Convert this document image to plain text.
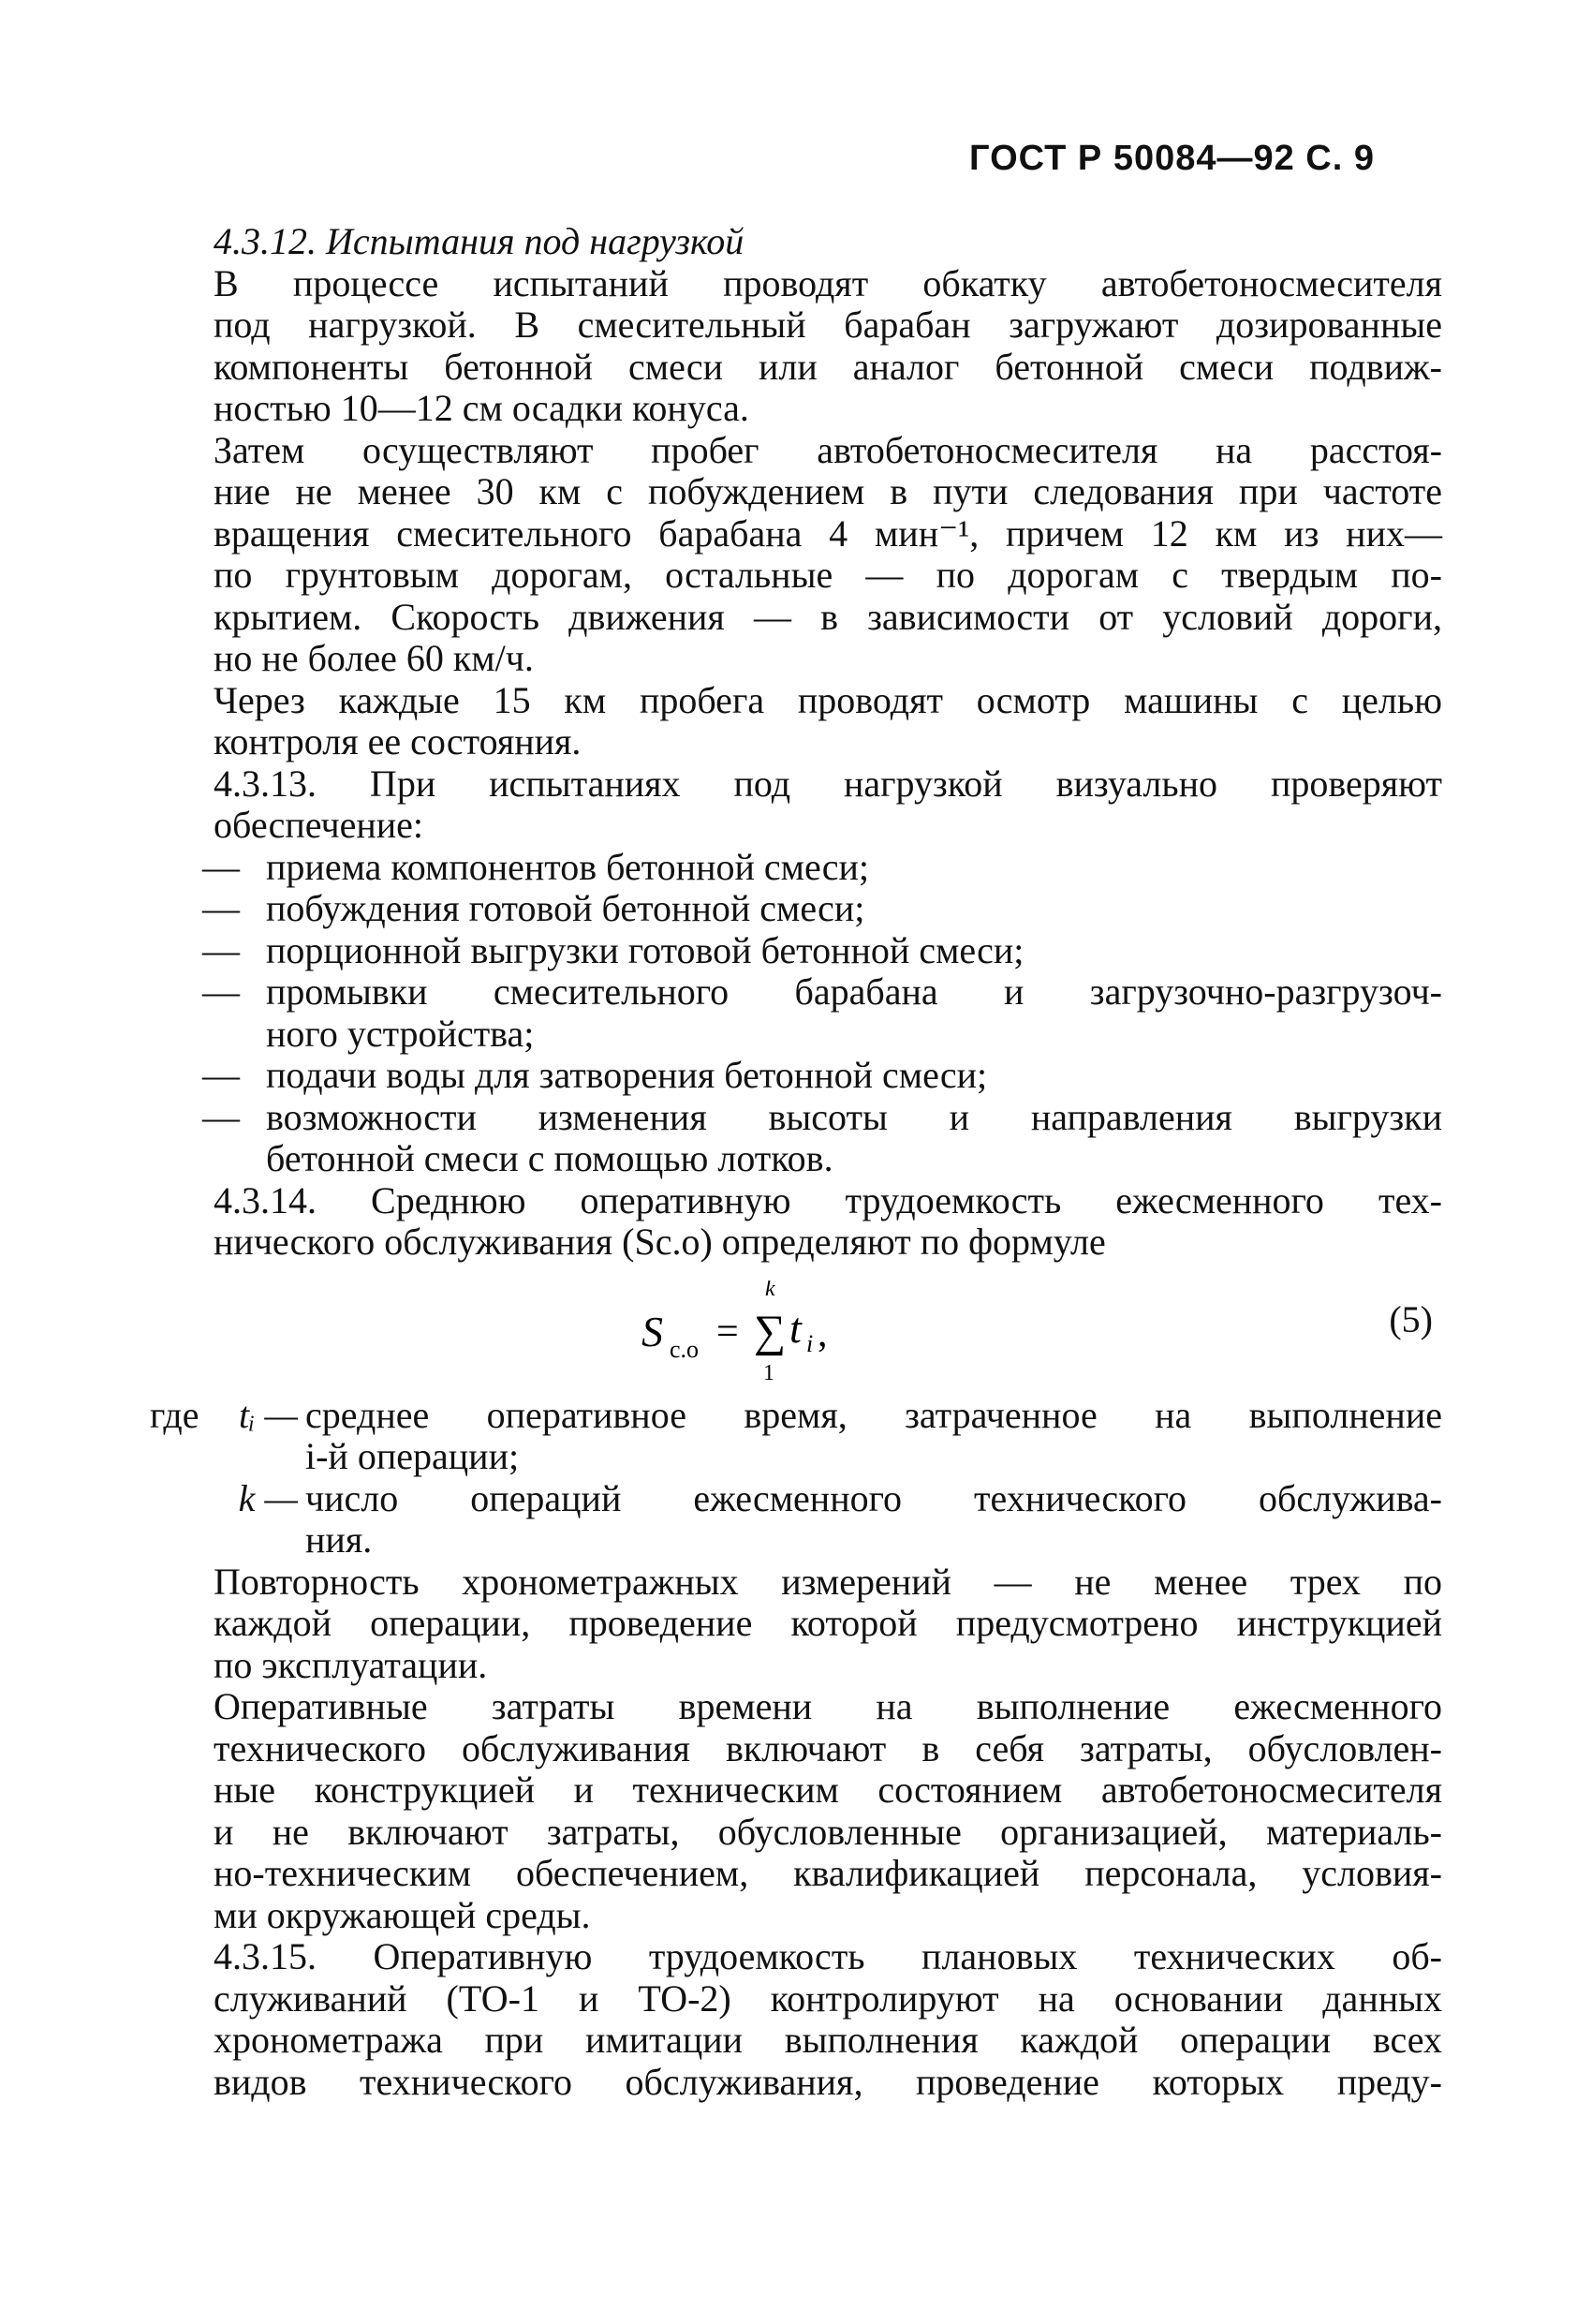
ГОСТ Р 50084—92 С. 9
4.3.12. Испытания под нагрузкой
В процессе испытаний проводят обкатку автобетоносмесителя
под нагрузкой. В смесительный барабан загружают дозированные
компоненты бетонной смеси или аналог бетонной смеси подвиж-
ностью 10—12 см осадки конуса.
Затем осуществляют пробег автобетоносмесителя на расстоя-
ние не менее 30 км с побуждением в пути следования при частоте
вращения смесительного барабана 4 мин⁻¹, причем 12 км из них—
по грунтовым дорогам, остальные — по дорогам с твердым по-
крытием. Скорость движения — в зависимости от условий дороги,
но не более 60 км/ч.
Через каждые 15 км пробега проводят осмотр машины с целью
контроля ее состояния.
4.3.13. При испытаниях под нагрузкой визуально проверяют
обеспечение:
— приема компонентов бетонной смеси;
— побуждения готовой бетонной смеси;
— порционной выгрузки готовой бетонной смеси;
— промывки смесительного барабана и загрузочно-разгрузоч-
ного устройства;
— подачи воды для затворения бетонной смеси;
— возможности изменения высоты и направления выгрузки
бетонной смеси с помощью лотков.
4.3.14. Среднюю оперативную трудоемкость ежесменного тех-
нического обслуживания (Sc.o) определяют по формуле
S c.o =
k
∑
1
t i ,	(5)
где	tᵢ — среднее оперативное время, затраченное на выполнение
i-й операции;
k — число операций ежесменного технического обслужива-
ния.
Повторность хронометражных измерений — не менее трех по
каждой операции, проведение которой предусмотрено инструкцией
по эксплуатации.
Оперативные затраты времени на выполнение ежесменного
технического обслуживания включают в себя затраты, обусловлен-
ные конструкцией и техническим состоянием автобетоносмесителя
и не включают затраты, обусловленные организацией, материаль-
но-техническим обеспечением, квалификацией персонала, условия-
ми окружающей среды.
4.3.15. Оперативную трудоемкость плановых технических об-
служиваний (ТО-1 и ТО-2) контролируют на основании данных
хронометража при имитации выполнения каждой операции всех
видов технического обслуживания, проведение которых преду-
